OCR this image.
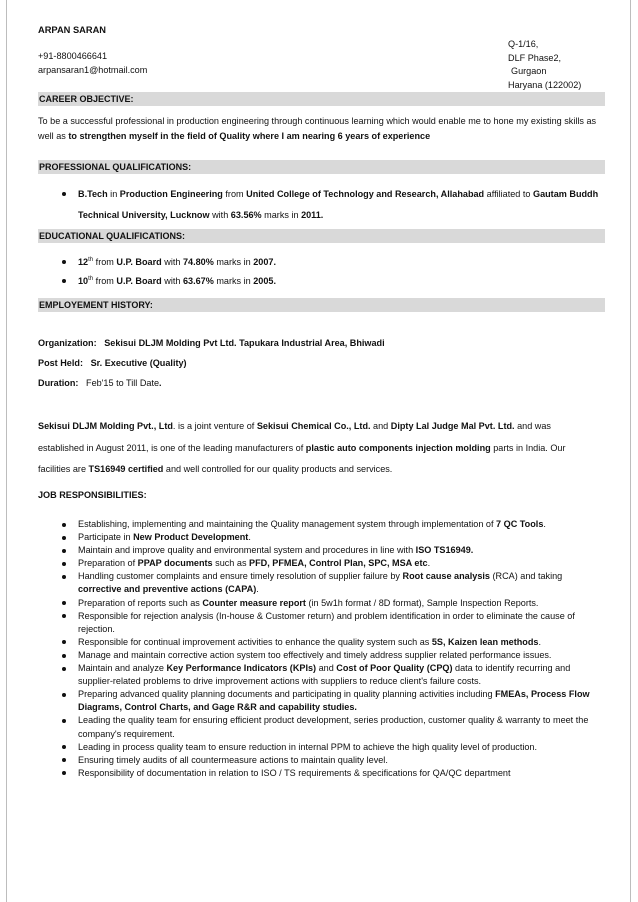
ARPAN SARAN
+91-8800466641
arpansaran1@hotmail.com
Q-1/16,
DLF Phase2,
Gurgaon
Haryana (122002)
CAREER OBJECTIVE:
To be a successful professional in production engineering through continuous learning which would enable me to hone my existing skills as well as to strengthen myself in the field of Quality where I am nearing 6 years of experience
PROFESSIONAL QUALIFICATIONS:
B.Tech in Production Engineering from United College of Technology and Research, Allahabad affiliated to Gautam Buddh Technical University, Lucknow with 63.56% marks in 2011.
EDUCATIONAL QUALIFICATIONS:
12th from U.P. Board with 74.80% marks in 2007.
10th from U.P. Board with 63.67% marks in 2005.
EMPLOYEMENT HISTORY:
Organization: Sekisui DLJM Molding Pvt Ltd. Tapukara Industrial Area, Bhiwadi
Post Held: Sr. Executive (Quality)
Duration: Feb'15 to Till Date.
Sekisui DLJM Molding Pvt., Ltd. is a joint venture of Sekisui Chemical Co., Ltd. and Dipty Lal Judge Mal Pvt. Ltd. and was
established in August 2011, is one of the leading manufacturers of plastic auto components injection molding parts in India. Our
facilities are TS16949 certified and well controlled for our quality products and services.
JOB RESPONSIBILITIES:
Establishing, implementing and maintaining the Quality management system through implementation of 7 QC Tools.
Participate in New Product Development.
Maintain and improve quality and environmental system and procedures in line with ISO TS16949.
Preparation of PPAP documents such as PFD, PFMEA, Control Plan, SPC, MSA etc.
Handling customer complaints and ensure timely resolution of supplier failure by Root cause analysis (RCA) and taking corrective and preventive actions (CAPA).
Preparation of reports such as Counter measure report (in 5w1h format / 8D format), Sample Inspection Reports.
Responsible for rejection analysis (In-house & Customer return) and problem identification in order to eliminate the cause of rejection.
Responsible for continual improvement activities to enhance the quality system such as 5S, Kaizen lean methods.
Manage and maintain corrective action system too effectively and timely address supplier related performance issues.
Maintain and analyze Key Performance Indicators (KPIs) and Cost of Poor Quality (CPQ) data to identify recurring and supplier-related problems to drive improvement actions with suppliers to reduce client's failure costs.
Preparing advanced quality planning documents and participating in quality planning activities including FMEAs, Process Flow Diagrams, Control Charts, and Gage R&R and capability studies.
Leading the quality team for ensuring efficient product development, series production, customer quality & warranty to meet the company's requirement.
Leading in process quality team to ensure reduction in internal PPM to achieve the high quality level of production.
Ensuring timely audits of all countermeasure actions to maintain quality level.
Responsibility of documentation in relation to ISO / TS requirements & specifications for QA/QC department
